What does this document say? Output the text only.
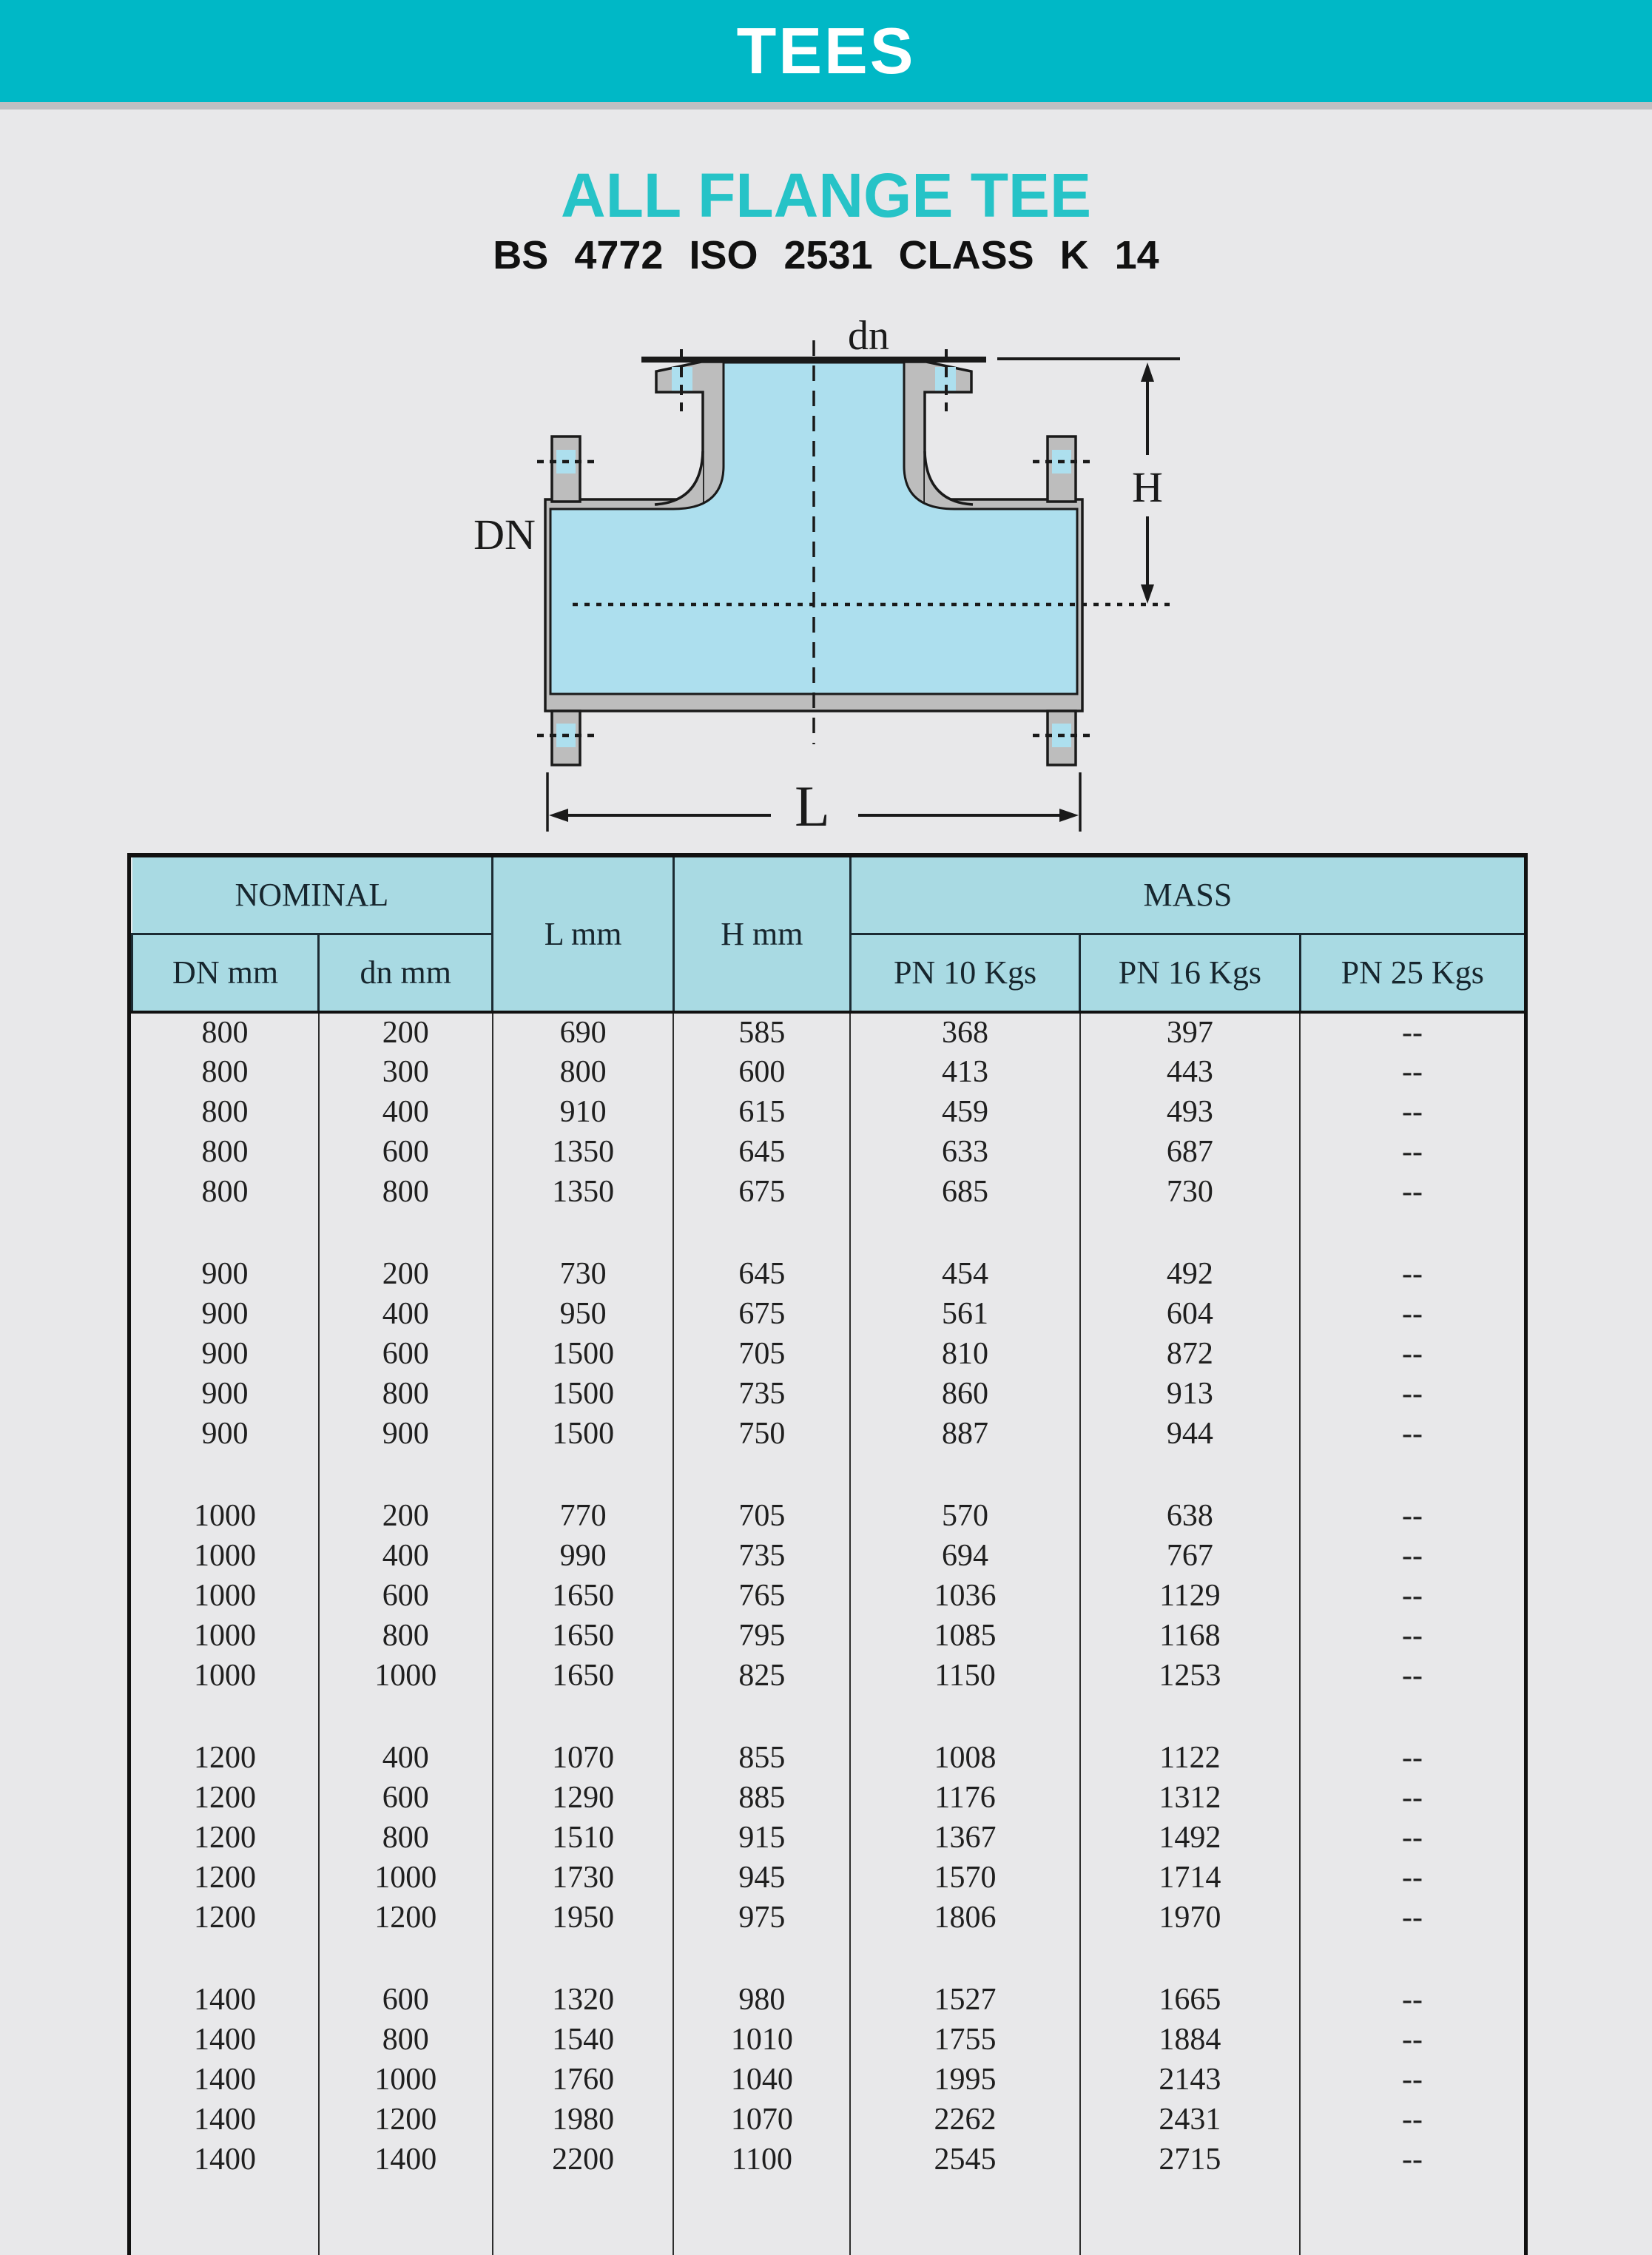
TEES
ALL FLANGE TEE
BS 4772 ISO 2531 CLASS K 14
H
L
dn
DN
NOMINAL		L mm	H mm	MASS		
DN mm	dn mm			PN 10 Kgs	PN 16 Kgs	PN 25 Kgs
800	200	690	585	368	397	--
800	300	800	600	413	443	--
800	400	910	615	459	493	--
800	600	1350	645	633	687	--
800	800	1350	675	685	730	--

900	200	730	645	454	492	--
900	400	950	675	561	604	--
900	600	1500	705	810	872	--
900	800	1500	735	860	913	--
900	900	1500	750	887	944	--

1000	200	770	705	570	638	--
1000	400	990	735	694	767	--
1000	600	1650	765	1036	1129	--
1000	800	1650	795	1085	1168	--
1000	1000	1650	825	1150	1253	--

1200	400	1070	855	1008	1122	--
1200	600	1290	885	1176	1312	--
1200	800	1510	915	1367	1492	--
1200	1000	1730	945	1570	1714	--
1200	1200	1950	975	1806	1970	--

1400	600	1320	980	1527	1665	--
1400	800	1540	1010	1755	1884	--
1400	1000	1760	1040	1995	2143	--
1400	1200	1980	1070	2262	2431	--
1400	1400	2200	1100	2545	2715	--
